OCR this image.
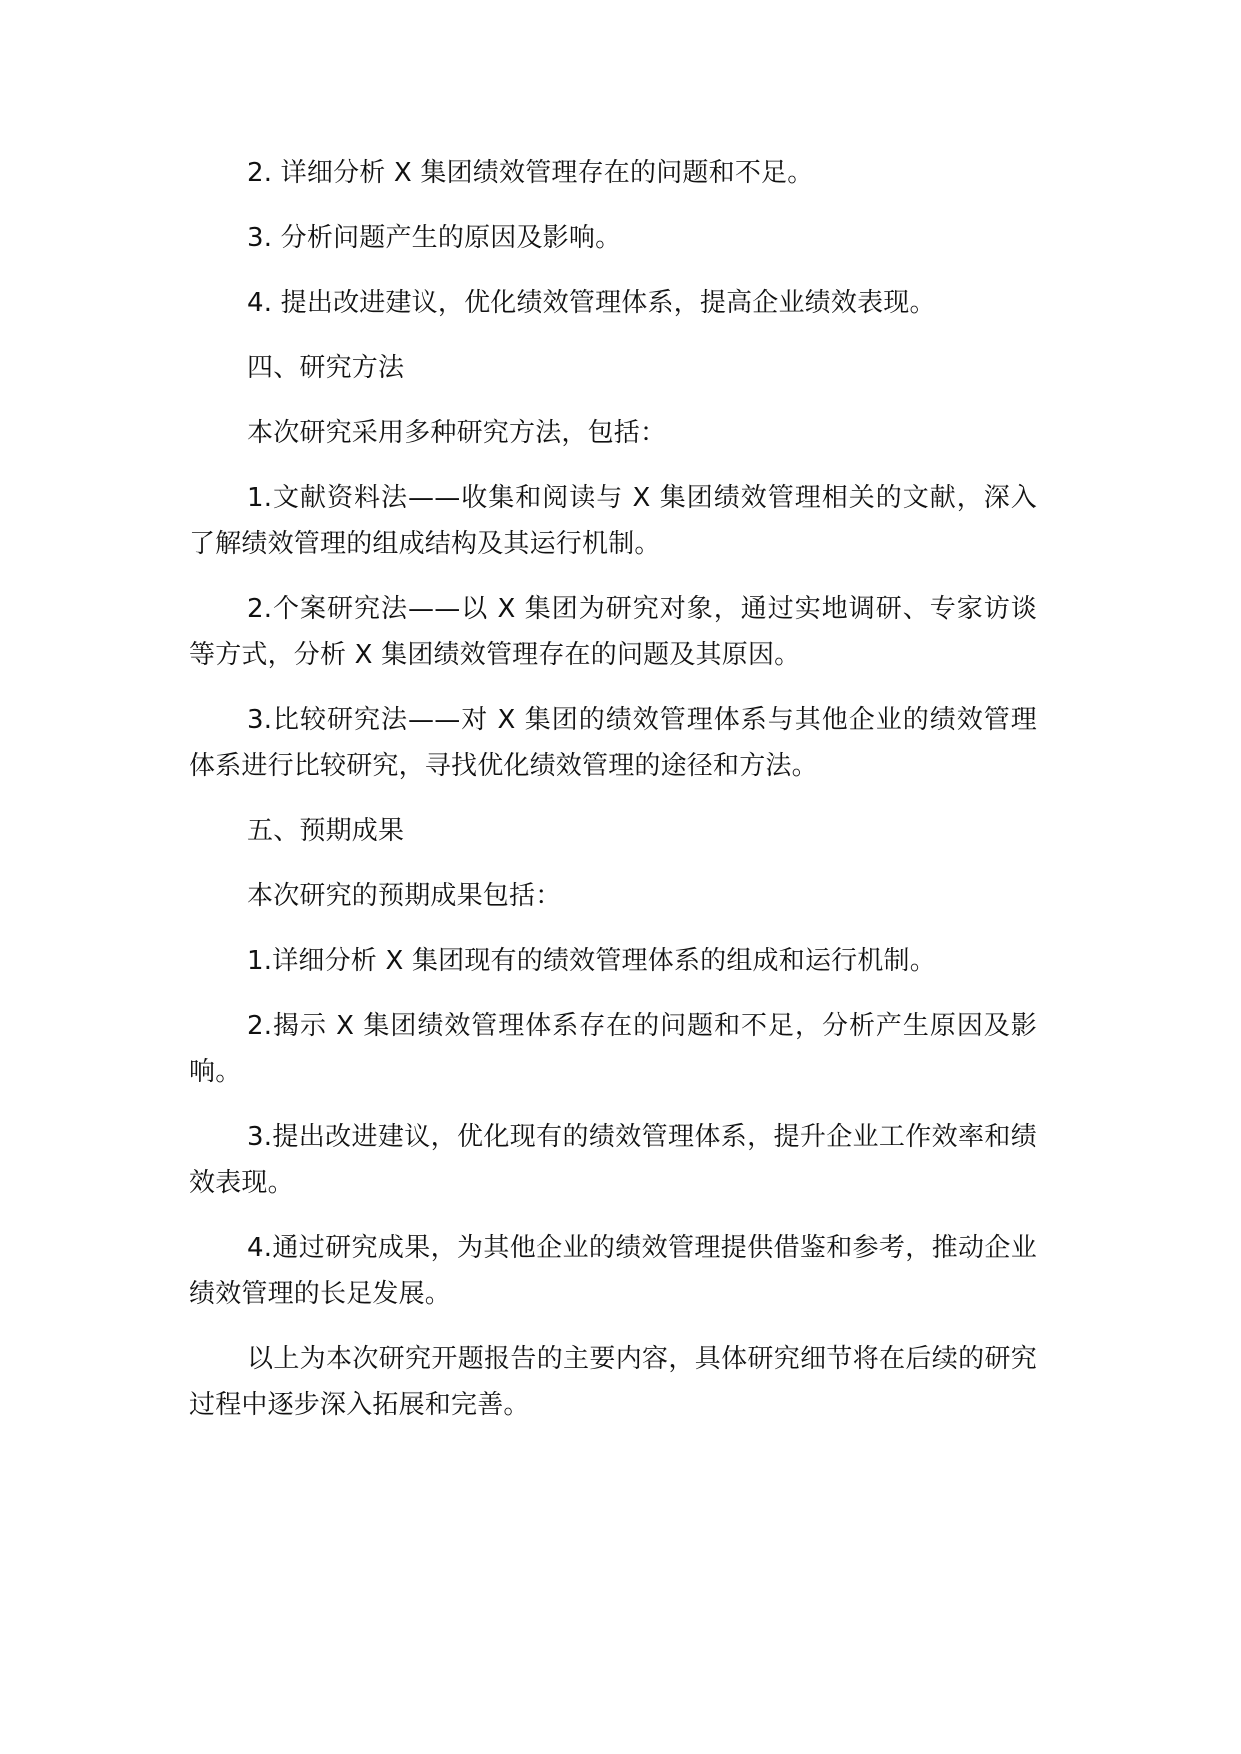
2. 详细分析 X 集团绩效管理存在的问题和不足。

3. 分析问题产生的原因及影响。

4. 提出改进建议，优化绩效管理体系，提高企业绩效表现。

四、研究方法

本次研究采用多种研究方法，包括：

1.文献资料法——收集和阅读与 X 集团绩效管理相关的文献，深入了解绩效管理的组成结构及其运行机制。

2.个案研究法——以 X 集团为研究对象，通过实地调研、专家访谈等方式，分析 X 集团绩效管理存在的问题及其原因。

3.比较研究法——对 X 集团的绩效管理体系与其他企业的绩效管理体系进行比较研究，寻找优化绩效管理的途径和方法。

五、预期成果

本次研究的预期成果包括：

1.详细分析 X 集团现有的绩效管理体系的组成和运行机制。

2.揭示 X 集团绩效管理体系存在的问题和不足，分析产生原因及影响。

3.提出改进建议，优化现有的绩效管理体系，提升企业工作效率和绩效表现。

4.通过研究成果，为其他企业的绩效管理提供借鉴和参考，推动企业绩效管理的长足发展。

以上为本次研究开题报告的主要内容，具体研究细节将在后续的研究过程中逐步深入拓展和完善。
